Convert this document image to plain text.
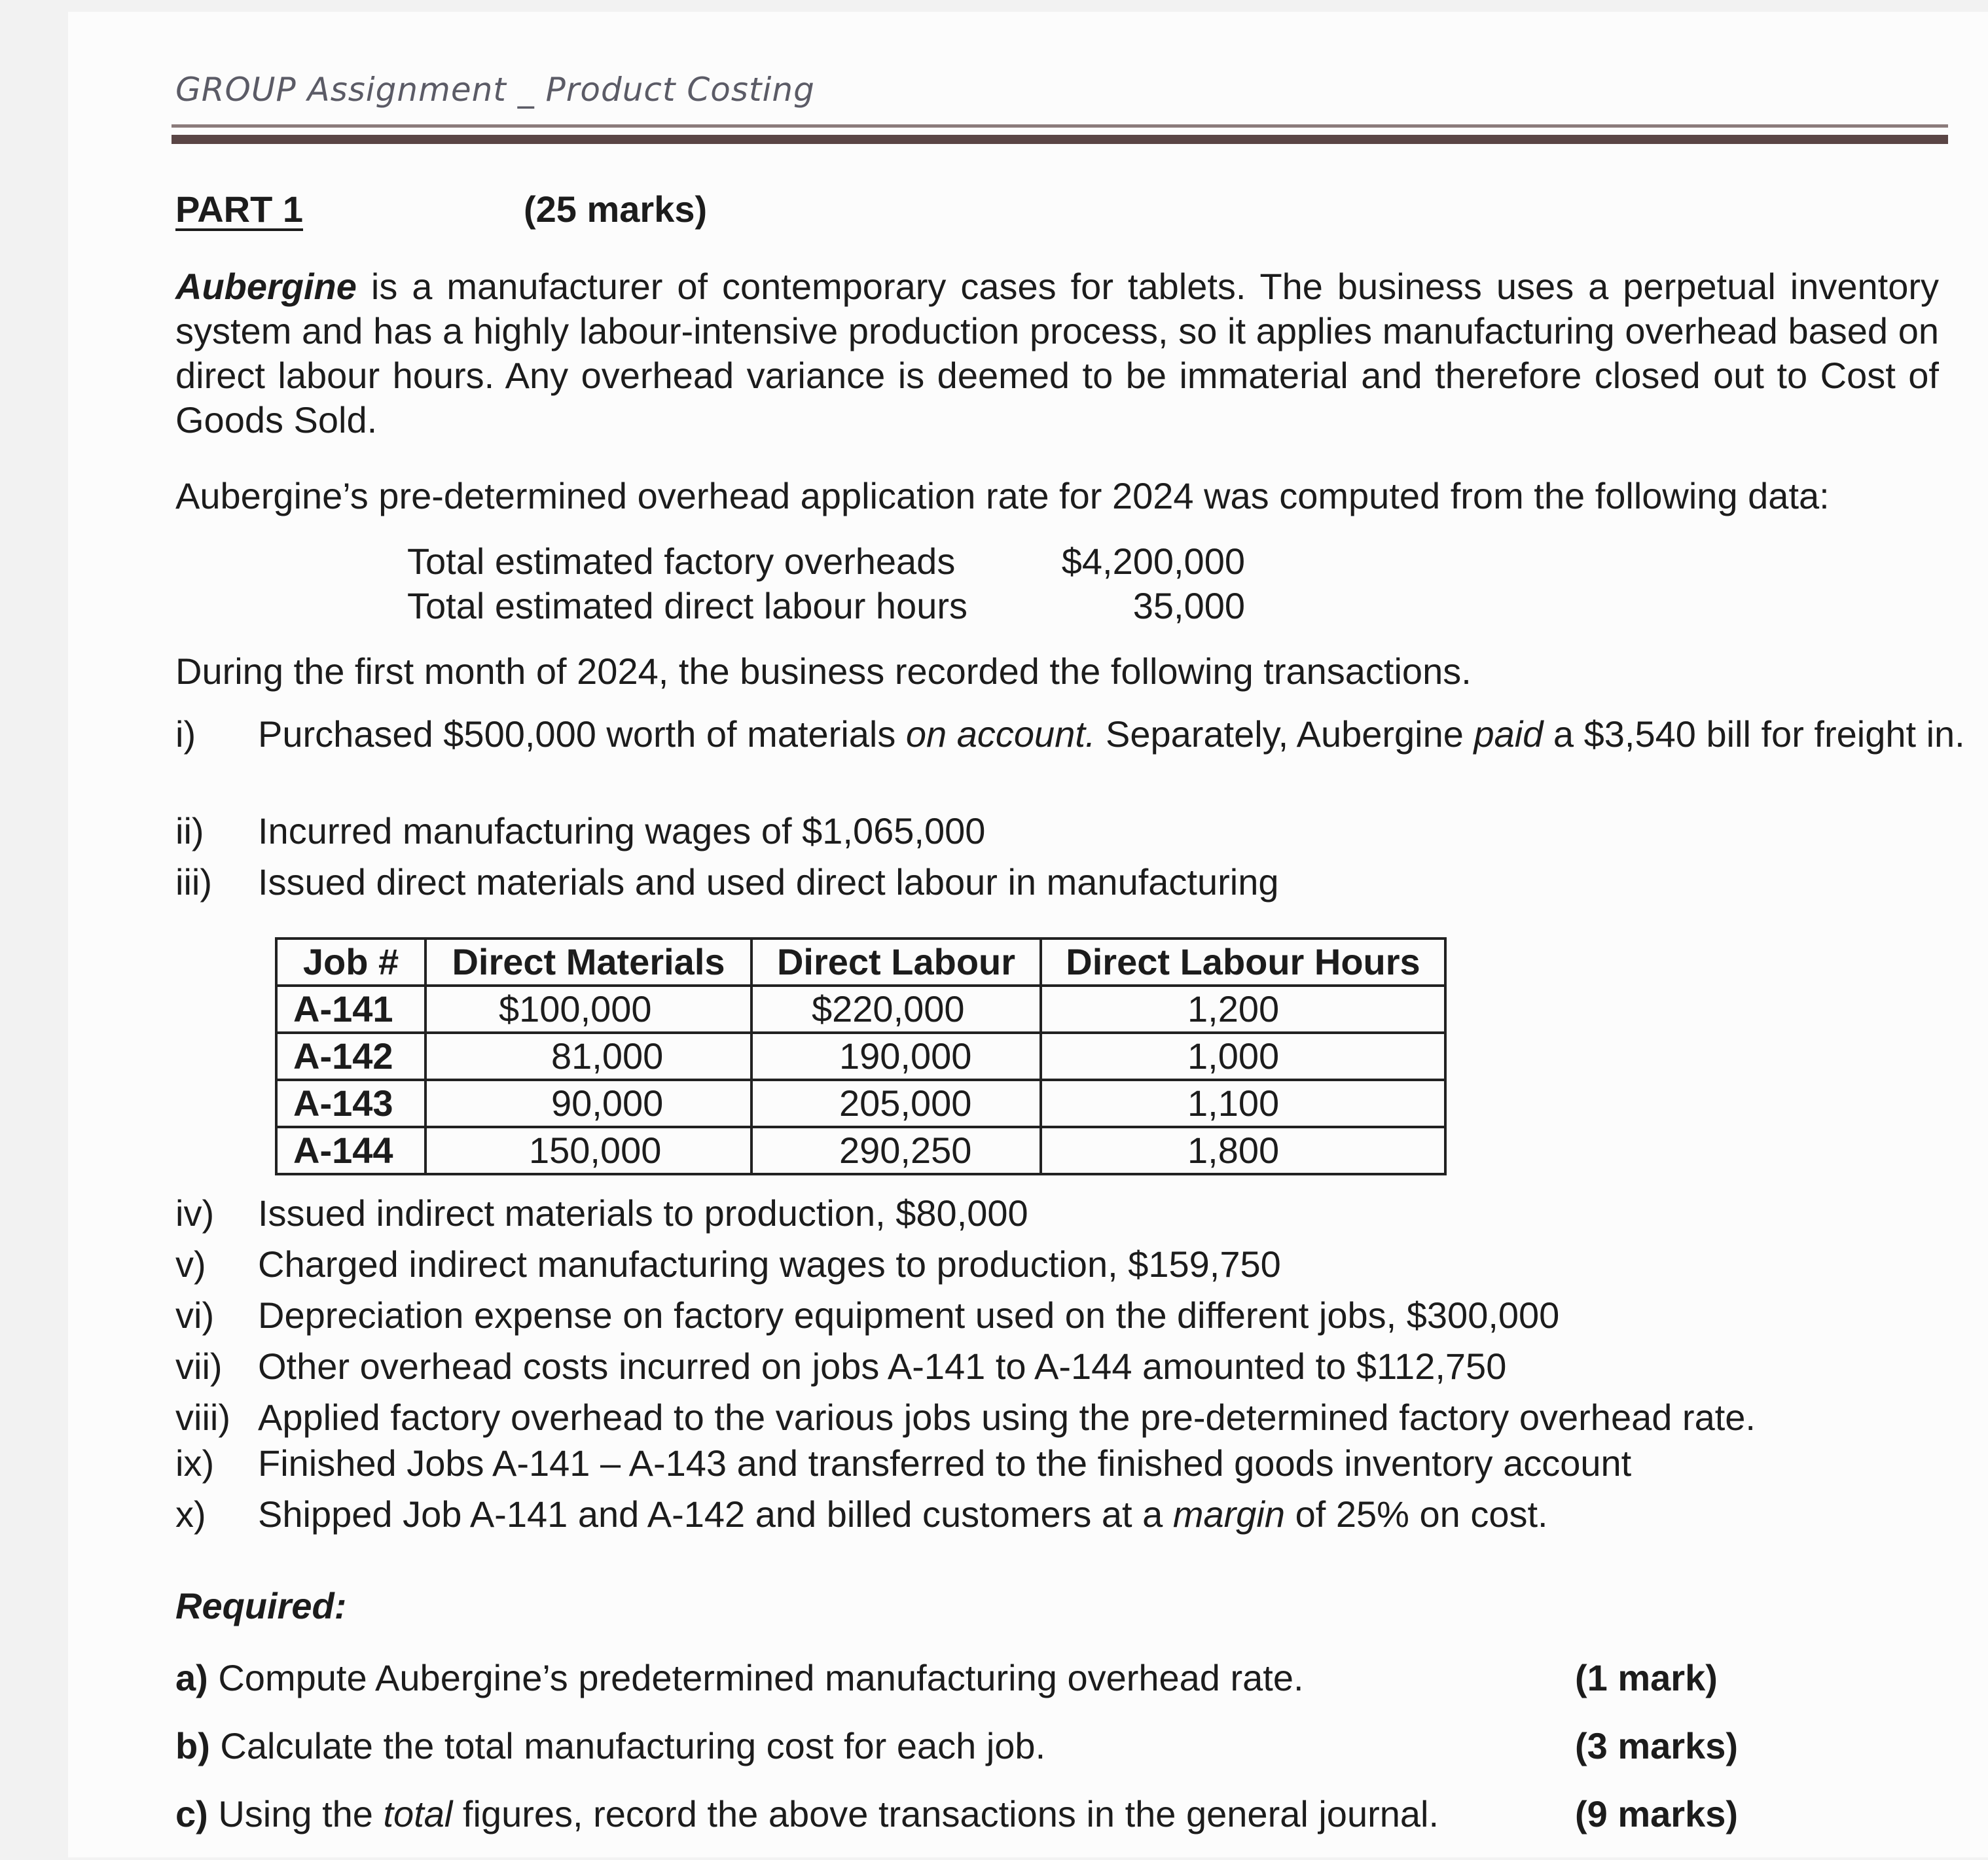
GROUP Assignment _ Product Costing
PART 1	(25 marks)
Aubergine is a manufacturer of contemporary cases for tablets. The business uses a perpetual inventory system and has a highly labour-intensive production process, so it applies manufacturing overhead based on direct labour hours. Any overhead variance is deemed to be immaterial and therefore closed out to Cost of Goods Sold.
Aubergine’s pre-determined overhead application rate for 2024 was computed from the following data:
Total estimated factory overheads	$4,200,000
Total estimated direct labour hours	35,000
During the first month of 2024, the business recorded the following transactions.
i) Purchased $500,000 worth of materials on account. Separately, Aubergine paid a $3,540 bill for freight in.
ii) Incurred manufacturing wages of $1,065,000
iii) Issued direct materials and used direct labour in manufacturing
Job #	Direct Materials	Direct Labour	Direct Labour Hours
A-141	$100,000	$220,000	1,200
A-142	81,000	190,000	1,000
A-143	90,000	205,000	1,100
A-144	150,000	290,250	1,800
iv) Issued indirect materials to production, $80,000
v) Charged indirect manufacturing wages to production, $159,750
vi) Depreciation expense on factory equipment used on the different jobs, $300,000
vii) Other overhead costs incurred on jobs A-141 to A-144 amounted to $112,750
viii) Applied factory overhead to the various jobs using the pre-determined factory overhead rate.
ix) Finished Jobs A-141 – A-143 and transferred to the finished goods inventory account
x) Shipped Job A-141 and A-142 and billed customers at a margin of 25% on cost.
Required:
a) Compute Aubergine’s predetermined manufacturing overhead rate.	(1 mark)
b) Calculate the total manufacturing cost for each job.	(3 marks)
c) Using the total figures, record the above transactions in the general journal.	(9 marks)
